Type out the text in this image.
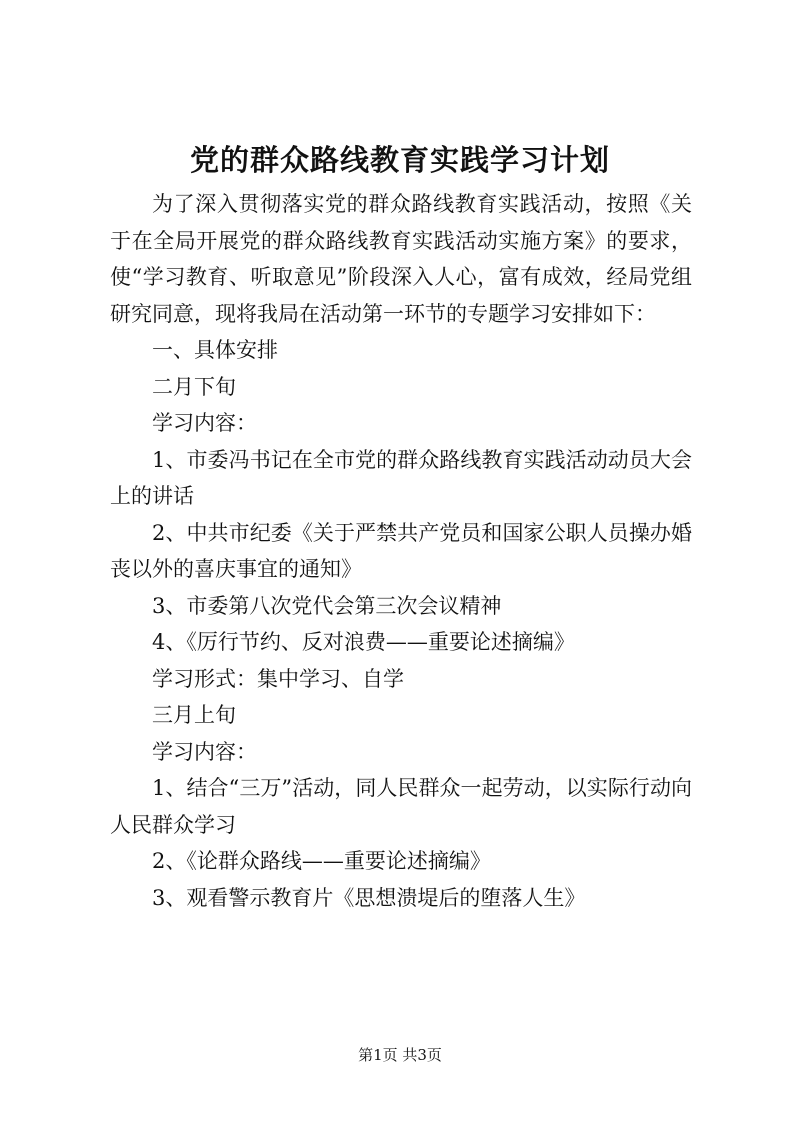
党的群众路线教育实践学习计划

为了深入贯彻落实党的群众路线教育实践活动，按照《关于在全局开展党的群众路线教育实践活动实施方案》的要求，使“学习教育、听取意见”阶段深入人心，富有成效，经局党组研究同意，现将我局在活动第一环节的专题学习安排如下：

一、具体安排

二月下旬

学习内容：

1、市委冯书记在全市党的群众路线教育实践活动动员大会上的讲话

2、中共市纪委《关于严禁共产党员和国家公职人员操办婚丧以外的喜庆事宜的通知》

3、市委第八次党代会第三次会议精神

4、《厉行节约、反对浪费——重要论述摘编》

学习形式：集中学习、自学

三月上旬

学习内容：

1、结合“三万”活动，同人民群众一起劳动，以实际行动向人民群众学习

2、《论群众路线——重要论述摘编》

3、观看警示教育片《思想溃堤后的堕落人生》

第1页 共3页
